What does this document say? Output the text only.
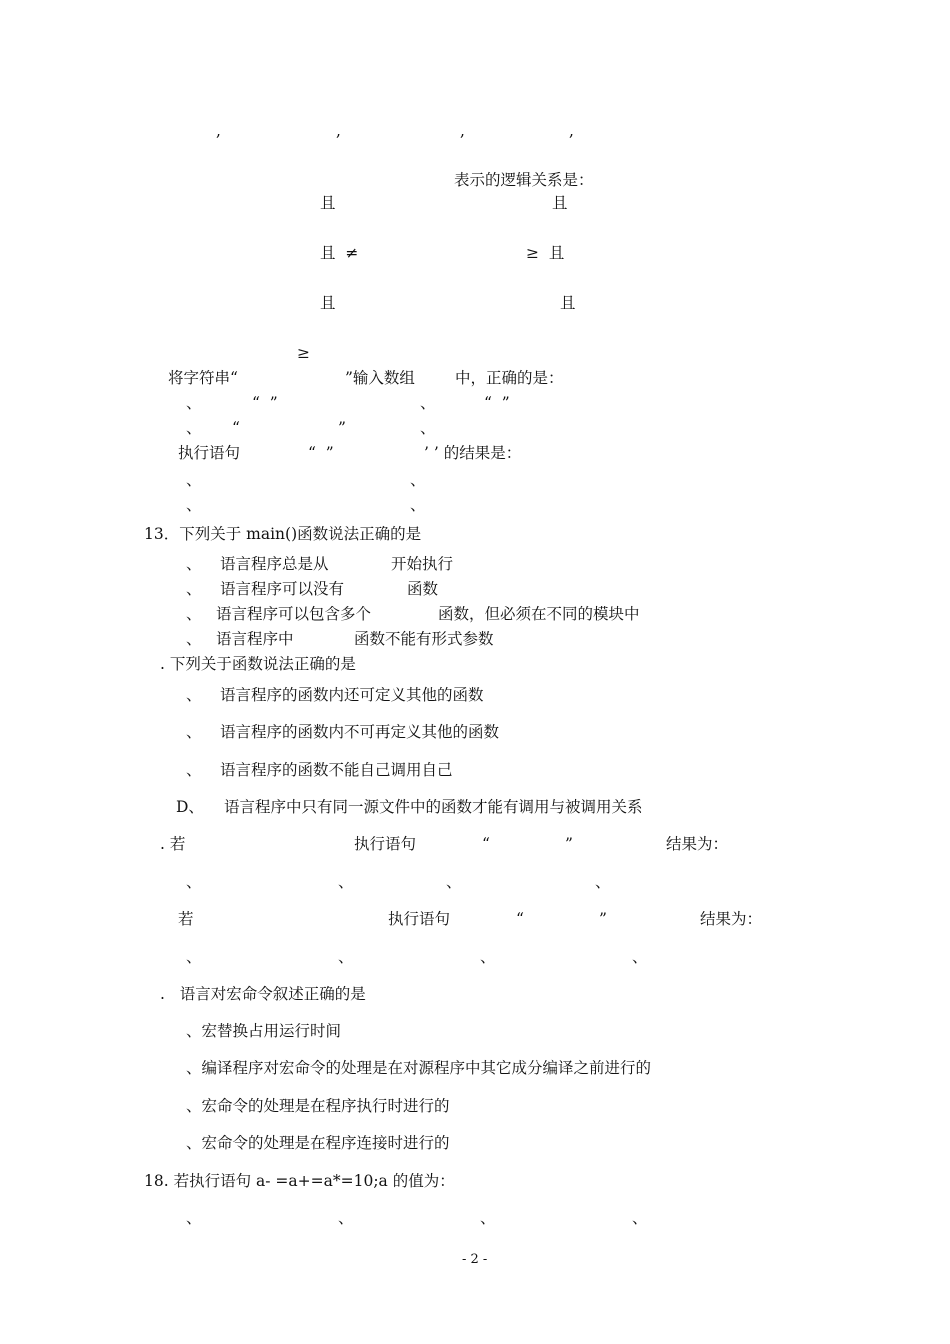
,	,	,	,
表示的逻辑关系是：
且	且
且  ≠	≥  且
且	且
≥
将字符串“	”输入数组	中，正确的是：
、	“  ”	、	“  ”
、 “	”	、
执行语句	“  ”	’ ’ 的结果是：
、	、
、	、
13．下列关于 main()函数说法正确的是
、 语言程序总是从	开始执行
、 语言程序可以没有	函数
、 语言程序可以包含多个	函数，但必须在不同的模块中
、 语言程序中	函数不能有形式参数
. 下列关于函数说法正确的是
、 语言程序的函数内还可定义其他的函数
、 语言程序的函数内不可再定义其他的函数
、 语言程序的函数不能自己调用自己
D、 语言程序中只有同一源文件中的函数才能有调用与被调用关系
. 若	执行语句	“	”	结果为：
、	、	、	、
若	执行语句	“	”	结果为：
、	、	、	、
.   语言对宏命令叙述正确的是
、宏替换占用运行时间
、编译程序对宏命令的处理是在对源程序中其它成分编译之前进行的
、宏命令的处理是在程序执行时进行的
、宏命令的处理是在程序连接时进行的
18. 若执行语句 a- =a+=a*=10;a 的值为：
、	、	、	、
- 2 -
